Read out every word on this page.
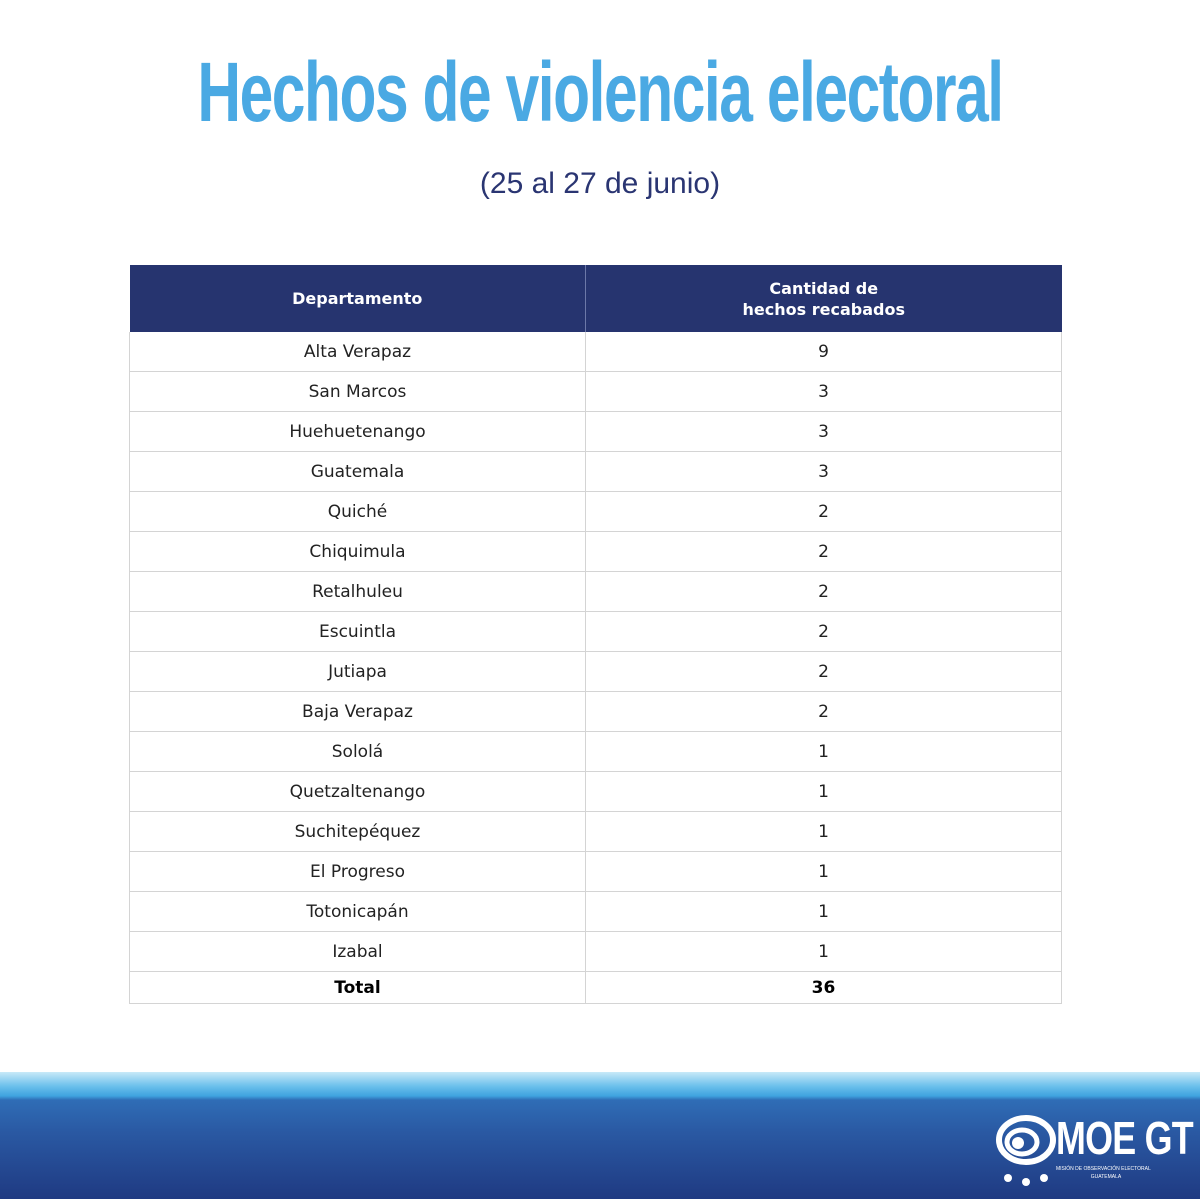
Hechos de violencia electoral
(25 al 27 de junio)
Departamento	Cantidad de
hechos recabados
Alta Verapaz	9
San Marcos	3
Huehuetenango	3
Guatemala	3
Quiché	2
Chiquimula	2
Retalhuleu	2
Escuintla	2
Jutiapa	2
Baja Verapaz	2
Sololá	1
Quetzaltenango	1
Suchitepéquez	1
El Progreso	1
Totonicapán	1
Izabal	1
Total	36
MOE GT
MISIÓN DE OBSERVACIÓN ELECTORAL
GUATEMALA
